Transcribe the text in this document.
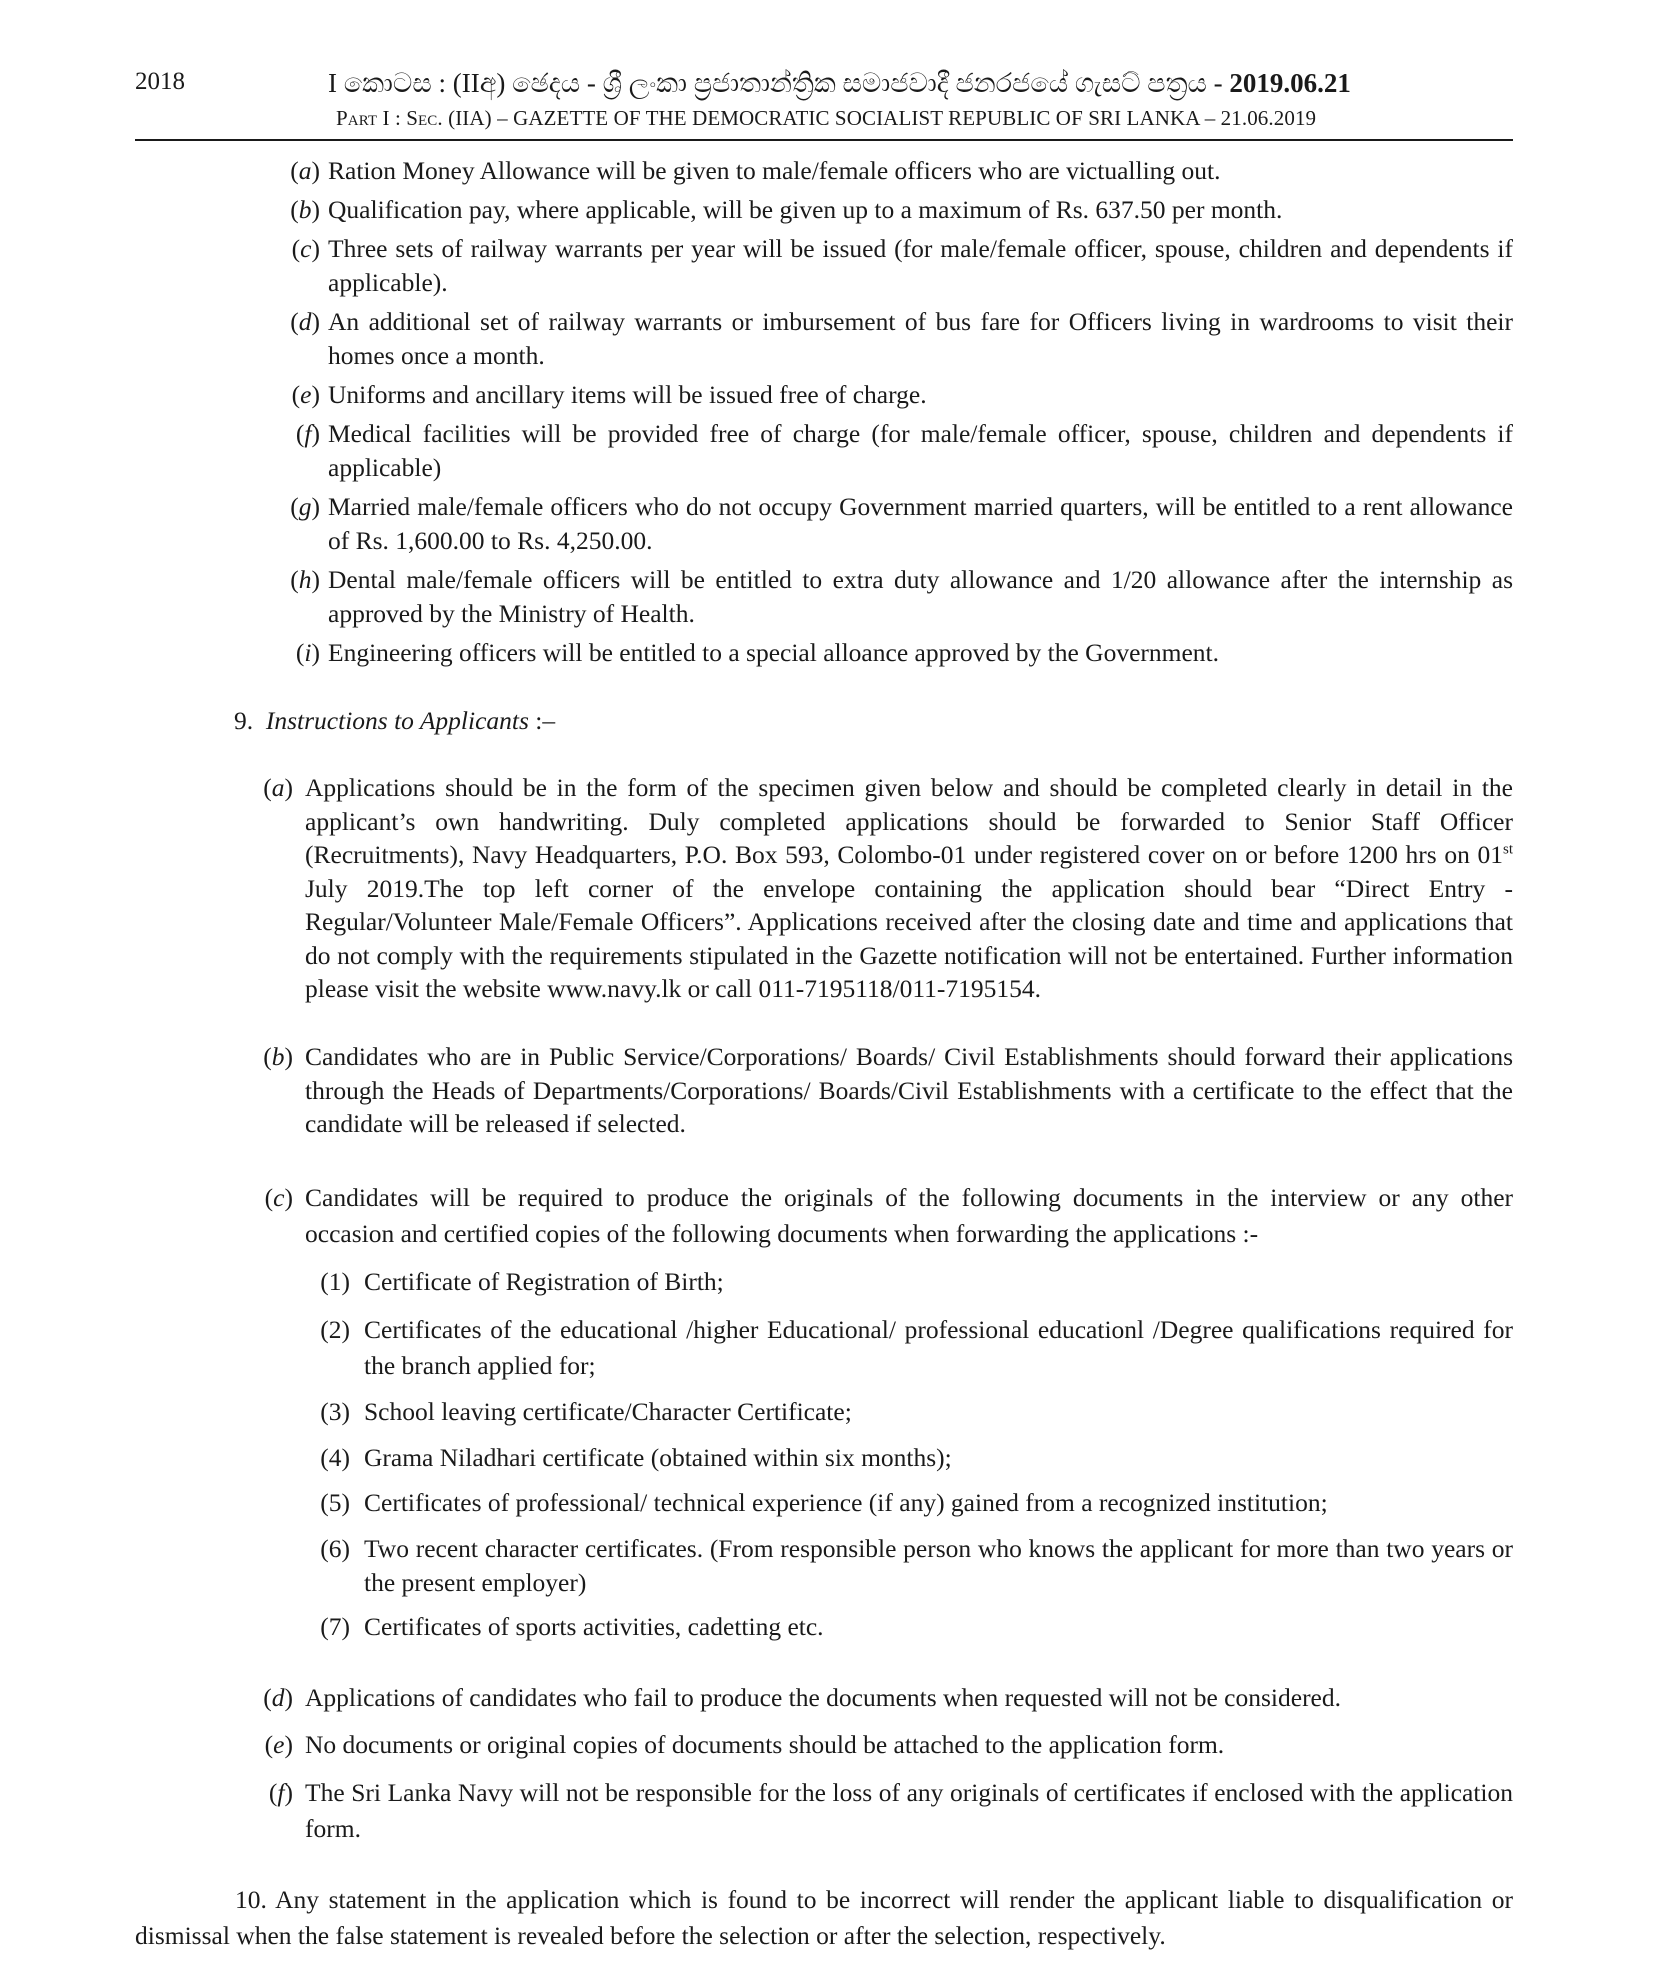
2018	I කොටස : (IIඅ) ඡෙදය - ශ්‍රී ලංකා ප්‍රජාතාන්ත්‍රික සමාජවාදී ජනරජයේ ගැසට් පත්‍රය - 2019.06.21
Part I : Sec. (IIA) – GAZETTE OF THE DEMOCRATIC SOCIALIST REPUBLIC OF SRI LANKA – 21.06.2019
(a) Ration Money Allowance will be given to male/female officers who are victualling out.
(b) Qualification pay, where applicable, will be given up to a maximum of Rs. 637.50 per month.
(c) Three sets of railway warrants per year will be issued (for male/female officer, spouse, children and dependents if applicable).
(d) An additional set of railway warrants or imbursement of bus fare for Officers living in wardrooms to visit their homes once a month.
(e) Uniforms and ancillary items will be issued free of charge.
(f) Medical facilities will be provided free of charge (for male/female officer, spouse, children and dependents if applicable)
(g) Married male/female officers who do not occupy Government married quarters, will be entitled to a rent allowance of Rs. 1,600.00 to Rs. 4,250.00.
(h) Dental male/female officers will be entitled to extra duty allowance and 1/20 allowance after the internship as approved by the Ministry of Health.
(i) Engineering officers will be entitled to a special alloance approved by the Government.
9. Instructions to Applicants :–
(a) Applications should be in the form of the specimen given below and should be completed clearly in detail in the applicant’s own handwriting. Duly completed applications should be forwarded to Senior Staff Officer (Recruitments), Navy Headquarters, P.O. Box 593, Colombo-01 under registered cover on or before 1200 hrs on 01st July 2019.The top left corner of the envelope containing the application should bear “Direct Entry - Regular/Volunteer Male/Female Officers”. Applications received after the closing date and time and applications that do not comply with the requirements stipulated in the Gazette notification will not be entertained. Further information please visit the website www.navy.lk or call 011-7195118/011-7195154.
(b) Candidates who are in Public Service/Corporations/ Boards/ Civil Establishments should forward their applications through the Heads of Departments/Corporations/ Boards/Civil Establishments with a certificate to the effect that the candidate will be released if selected.
(c) Candidates will be required to produce the originals of the following documents in the interview or any other occasion and certified copies of the following documents when forwarding the applications :-
(1) Certificate of Registration of Birth;
(2) Certificates of the educational /higher Educational/ professional educationl /Degree qualifications required for the branch applied for;
(3) School leaving certificate/Character Certificate;
(4) Grama Niladhari certificate (obtained within six months);
(5) Certificates of professional/ technical experience (if any) gained from a recognized institution;
(6) Two recent character certificates. (From responsible person who knows the applicant for more than two years or the present employer)
(7) Certificates of sports activities, cadetting etc.
(d) Applications of candidates who fail to produce the documents when requested will not be considered.
(e) No documents or original copies of documents should be attached to the application form.
(f) The Sri Lanka Navy will not be responsible for the loss of any originals of certificates if enclosed with the application form.
10. Any statement in the application which is found to be incorrect will render the applicant liable to disqualification or dismissal when the false statement is revealed before the selection or after the selection, respectively.
